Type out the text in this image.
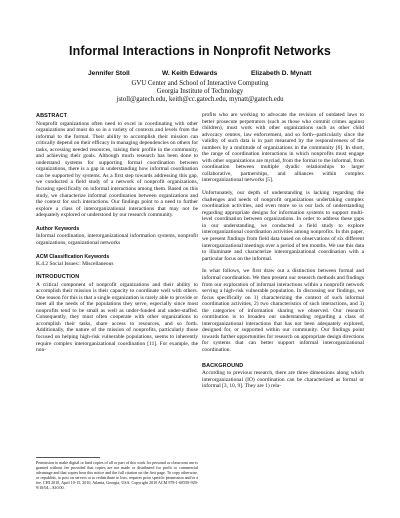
Informal Interactions in Nonprofit Networks
Jennifer Stoll	W. Keith Edwards	Elizabeth D. Mynatt
GVU Center and School of Interactive Computing
Georgia Institute of Technology
jstoll@gatech.edu, keith@cc.gatech.edu, mynatt@gatech.edu
ABSTRACT

Nonprofit organizations often need to excel in coordinating with other organizations and must do so in a variety of contexts and levels from the informal to the formal. Their ability to accomplish their mission can critically depend on their efficacy in managing dependencies on others for tasks, accessing needed resources, raising their profile in the community, and achieving their goals. Although much research has been done to understand systems for supporting formal coordination between organizations, there is a gap in understanding how informal coordination can be supported by systems. As a first step towards addressing this gap, we conducted a field study of a network of nonprofit organizations, focusing specifically on informal interactions among them. Based on this study, we characterize informal coordination between organizations and the context for such interactions. Our findings point to a need to further explore a class of interorganizational interactions that may not be adequately explored or understood by our research community.

Author Keywords

Informal coordination, interorganizational information systems, nonprofit organizations, organizational networks

ACM Classification Keywords

K.4.2 Social Issues:: Miscellaneous

INTRODUCTION

A critical component of nonprofit organizations and their ability to accomplish their mission is their capacity to coordinate well with others. One reason for this is that a single organization is rarely able to provide or meet all the needs of the populations they serve, especially since most nonprofits tend to be small as well as under-funded and under-staffed. Consequently, they must often cooperate with other organizations to accomplish their tasks, share access to resources, and so forth. Additionally, the nature of the mission of nonprofits, particularly those focused on helping high-risk vulnerable populations, seems to inherently require complex interorganizational coordination [11]. For example, the non-

Permission to make digital or hard copies of all or part of this work for personal or classroom use is granted without fee provided that copies are not made or distributed for profit or commercial advantage and that copies bear this notice and the full citation on the first page. To copy otherwise, or republish, to post on servers or to redistribute to lists, requires prior specific permission and/or a fee. CHI 2010, April 10-15, 2010, Atlanta, Georgia, USA. Copyright 2010 ACM 978-1-60558-929-9/10/04....$10.00.

profits who are working to advocate the revision of outdated laws to better prosecute perpetrators (such as those who commit crimes against children), must work with other organizations such as other child advocacy centers, law enforcement, and so forth--particularly since the validity of such data is in part measured by the responsiveness of the numbers by a multitude of organizations in the community [6]. In short, the range of coordination interactions in which nonprofits must engage with other organizations are myriad, from the formal to the informal, from coordination between multiple dyadic relationships to larger collaborative, partnerships, and alliances within complex interorganizational networks [5].

Unfortunately, our depth of understanding is lacking regarding the challenges and needs of nonprofit organizations undertaking complex coordination activities, and even more so is our lack of understanding regarding appropriate designs for information systems to support multi-level coordination between organizations. In order to address these gaps in our understanding, we conducted a field study to explore interorganizational coordination activities among nonprofits. In this paper, we present findings from field data based on observations of six different interorganizational meetings over a period of ten months. We use this data to illuminate and characterize interorganizational coordination with a particular focus on the informal.

In what follows, we first draw out a distinction between formal and informal coordination. We then present our research methods and findings from our exploration of informal interactions within a nonprofit network serving a high-risk vulnerable population. In discussing our findings, we focus specifically on 1) characterizing the context of such informal coordination activities, 2) two characteristics of such interactions, and 3) the categories of information sharing we observed. Our research contribution is to broaden our understanding regarding a class of interorganizational interactions that has not been adequately explored, designed for, or supported within our community. Our findings point towards further opportunities for research on appropriate design directions for systems that can better support informal interorganizational coordination.

BACKGROUND

According to previous research, there are three dimensions along which interorganizational (IO) coordination can be characterized as formal or informal [3, 10, 9]. They are 1) rela-
